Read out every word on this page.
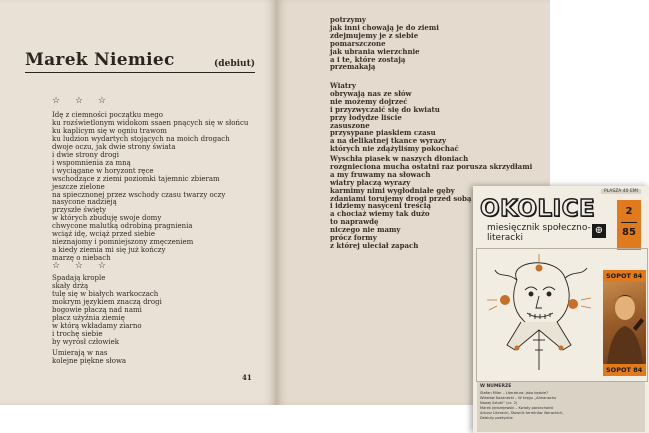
Marek Niemiec	(debiut)
☆ ☆ ☆
Idę z ciemności początku mego
ku rozświetlonym widokom ssaen pnących się w słońcu
ku kaplicym się w ogniu trawom
ku ludzion wydartych stojących na moich drogach
dwoje oczu, jak dwie strony świata
i dwie strony drogi
i wspomnienia za mną
i wyciągane w horyzont ręce
wschodzące z ziemi poziomki tajemnic zbieram
jeszcze zielone
na spiecznonej przez wschody czasu twarzy oczy
nasycone nadzieją
przyszłe święty
w których zbuduję swoje domy
chwycone malutką odrobiną pragnienia
wciąż idę, wciąż przed siebie
nieznajomy i pomniejszony zmęczeniem
a kiedy ziemia mi się już kończy
marzę o niebach
☆ ☆ ☆
Spadają krople
skały drżą
tulę się w białych warkoczach
mokrym językiem znaczą drogi
bogowie płaczą nad nami
płacz użyźnia ziemię
w którą wkładamy ziarno
i trochę siebie
by wyrósł człowiek
Umierają w nas
kolejne piękne słowa
41
potrzymy
jak inni chowają je do ziemi
zdejmujemy je z siebie
pomarszczone
jak ubrania wierzchnie
a i te, które zostają
przemakają
Wiatry
obrywają nas ze słów
nie możemy dojrzeć
i przyzwyczaić się do kwiatu
przy łodydze liście
zasuszone
przysypane piaskiem czasu
a na delikatnej tkance wyrazy
których nie zdążyliśmy pokochać
Wyschła piasek w naszych dłoniach
rozgnieciona mucha ostatni raz porusza skrzydłami
a my fruwamy na słowach
wiatry płaczą wyrazy
karmimy nimi wygłodniałe gęby
zdaniami torujemy drogi przed sobą
i idziemy nasyceni treścią
a chociaż wiemy tak dużo
to naprawdę
niczego nie mamy
prócz formy
z której uleciał zapach
PLASZA 40 EMI
OKOLICE
miesięcznik społeczno-literacki
⊕
2
85
SOPOT 84
SOPOT 84
W NUMERZE
Stefan Miler – Literatura: jaka będzie?
Wiesław Kazanecki – W kręgu „Almanachu
Nowej Sztuki” (cz. 2)
Marek Jędrzejewski – Kwiaty poniechanki
Arkusz Literacki, Słownik terminów literackich,
Debiuty poetyckie
